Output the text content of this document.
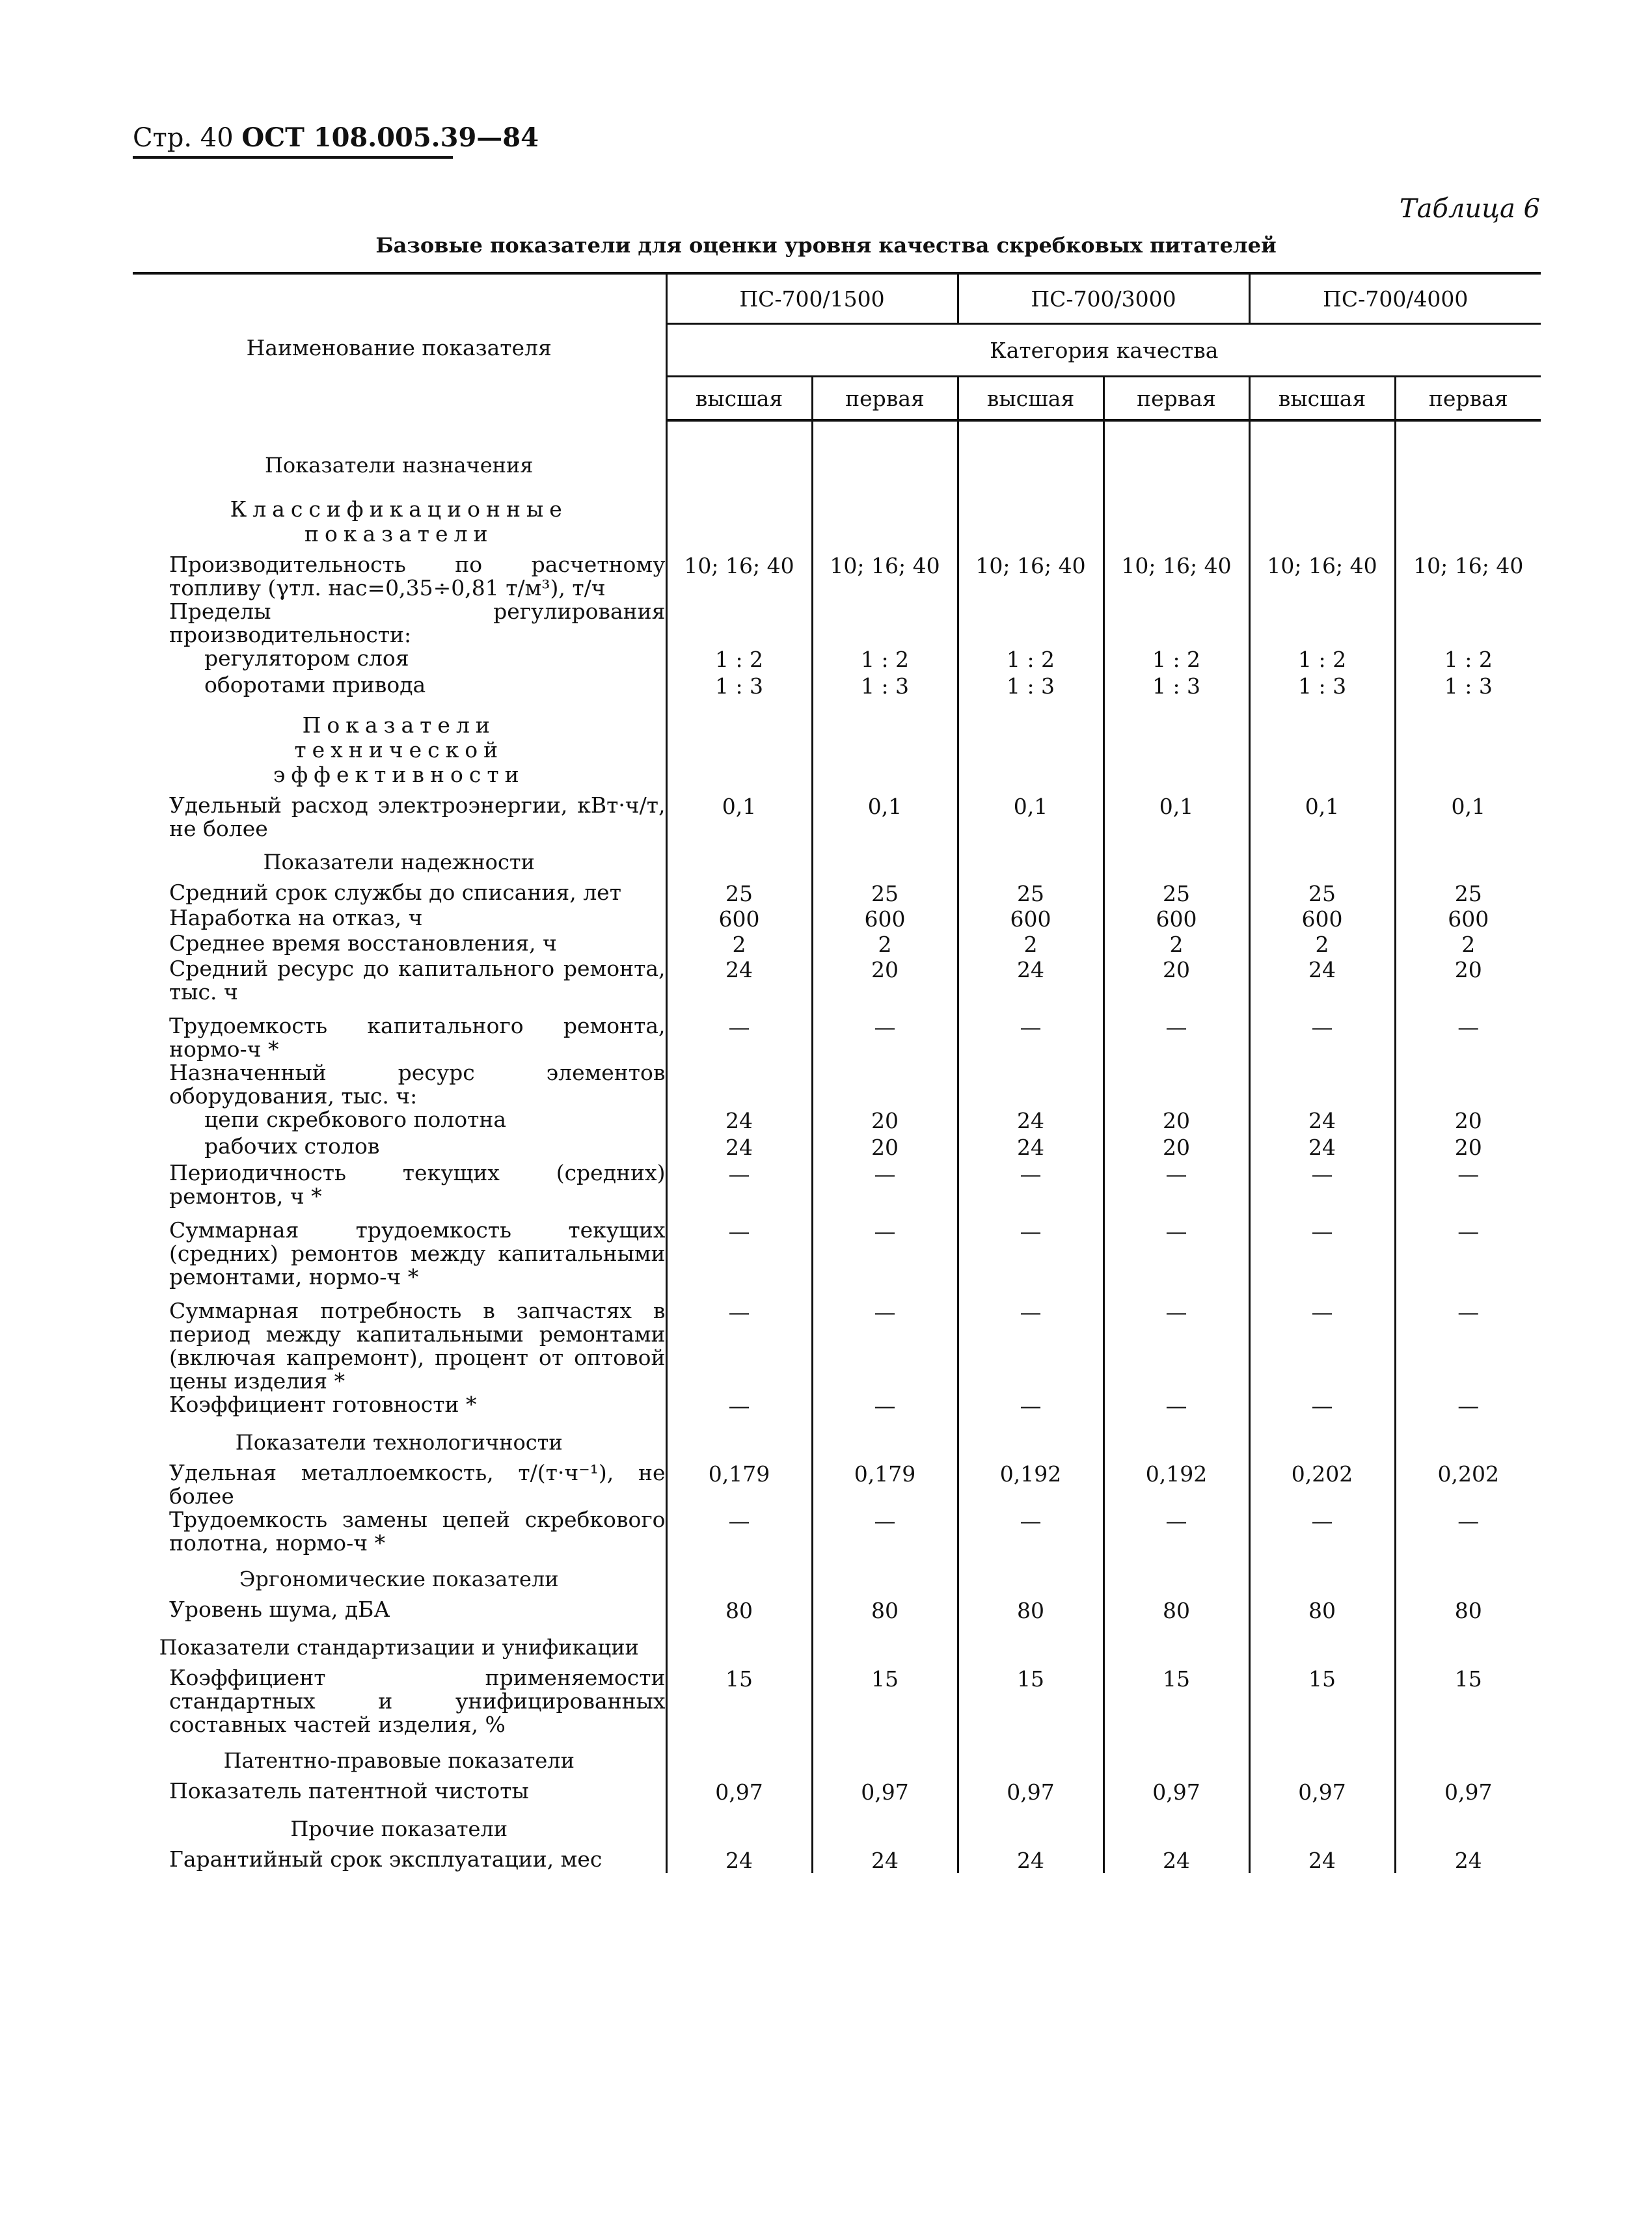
Стр. 40 ОСТ 108.005.39—84
Таблица 6
Базовые показатели для оценки уровня качества скребковых питателей
Наименование показателя	ПС-700/1500		ПС-700/3000		ПС-700/4000	
	Категория качества					
	высшая	первая	высшая	первая	высшая	первая
Показатели назначения						
Классификационные показатели						
Производительность по расчетному топливу (γтл. нас=0,35÷0,81 т/м³), т/ч	10; 16; 40	10; 16; 40	10; 16; 40	10; 16; 40	10; 16; 40	10; 16; 40
Пределы регулирования производительности:						
регулятором слоя	1 : 2	1 : 2	1 : 2	1 : 2	1 : 2	1 : 2
оборотами привода	1 : 3	1 : 3	1 : 3	1 : 3	1 : 3	1 : 3
Показатели технической эффективности						
Удельный расход электроэнергии, кВт·ч/т, не более	0,1	0,1	0,1	0,1	0,1	0,1
Показатели надежности						
Средний срок службы до списания, лет	25	25	25	25	25	25
Наработка на отказ, ч	600	600	600	600	600	600
Среднее время восстановления, ч	2	2	2	2	2	2
Средний ресурс до капитального ремонта, тыс. ч	24	20	24	20	24	20
Трудоемкость капитального ремонта, нормо-ч *	—	—	—	—	—	—
Назначенный ресурс элементов оборудования, тыс. ч:						
цепи скребкового полотна	24	20	24	20	24	20
рабочих столов	24	20	24	20	24	20
Периодичность текущих (средних) ремонтов, ч *	—	—	—	—	—	—
Суммарная трудоемкость текущих (средних) ремонтов между капитальными ремонтами, нормо-ч *	—	—	—	—	—	—
Суммарная потребность в запчастях в период между капитальными ремонтами (включая капремонт), процент от оптовой цены изделия *	—	—	—	—	—	—
Коэффициент готовности *	—	—	—	—	—	—
Показатели технологичности						
Удельная металлоемкость, т/(т·ч⁻¹), не более	0,179	0,179	0,192	0,192	0,202	0,202
Трудоемкость замены цепей скребкового полотна, нормо-ч *	—	—	—	—	—	—
Эргономические показатели						
Уровень шума, дБА	80	80	80	80	80	80
Показатели стандартизации и унификации						
Коэффициент применяемости стандартных и унифицированных составных частей изделия, %	15	15	15	15	15	15
Патентно-правовые показатели						
Показатель патентной чистоты	0,97	0,97	0,97	0,97	0,97	0,97
Прочие показатели						
Гарантийный срок эксплуатации, мес	24	24	24	24	24	24
